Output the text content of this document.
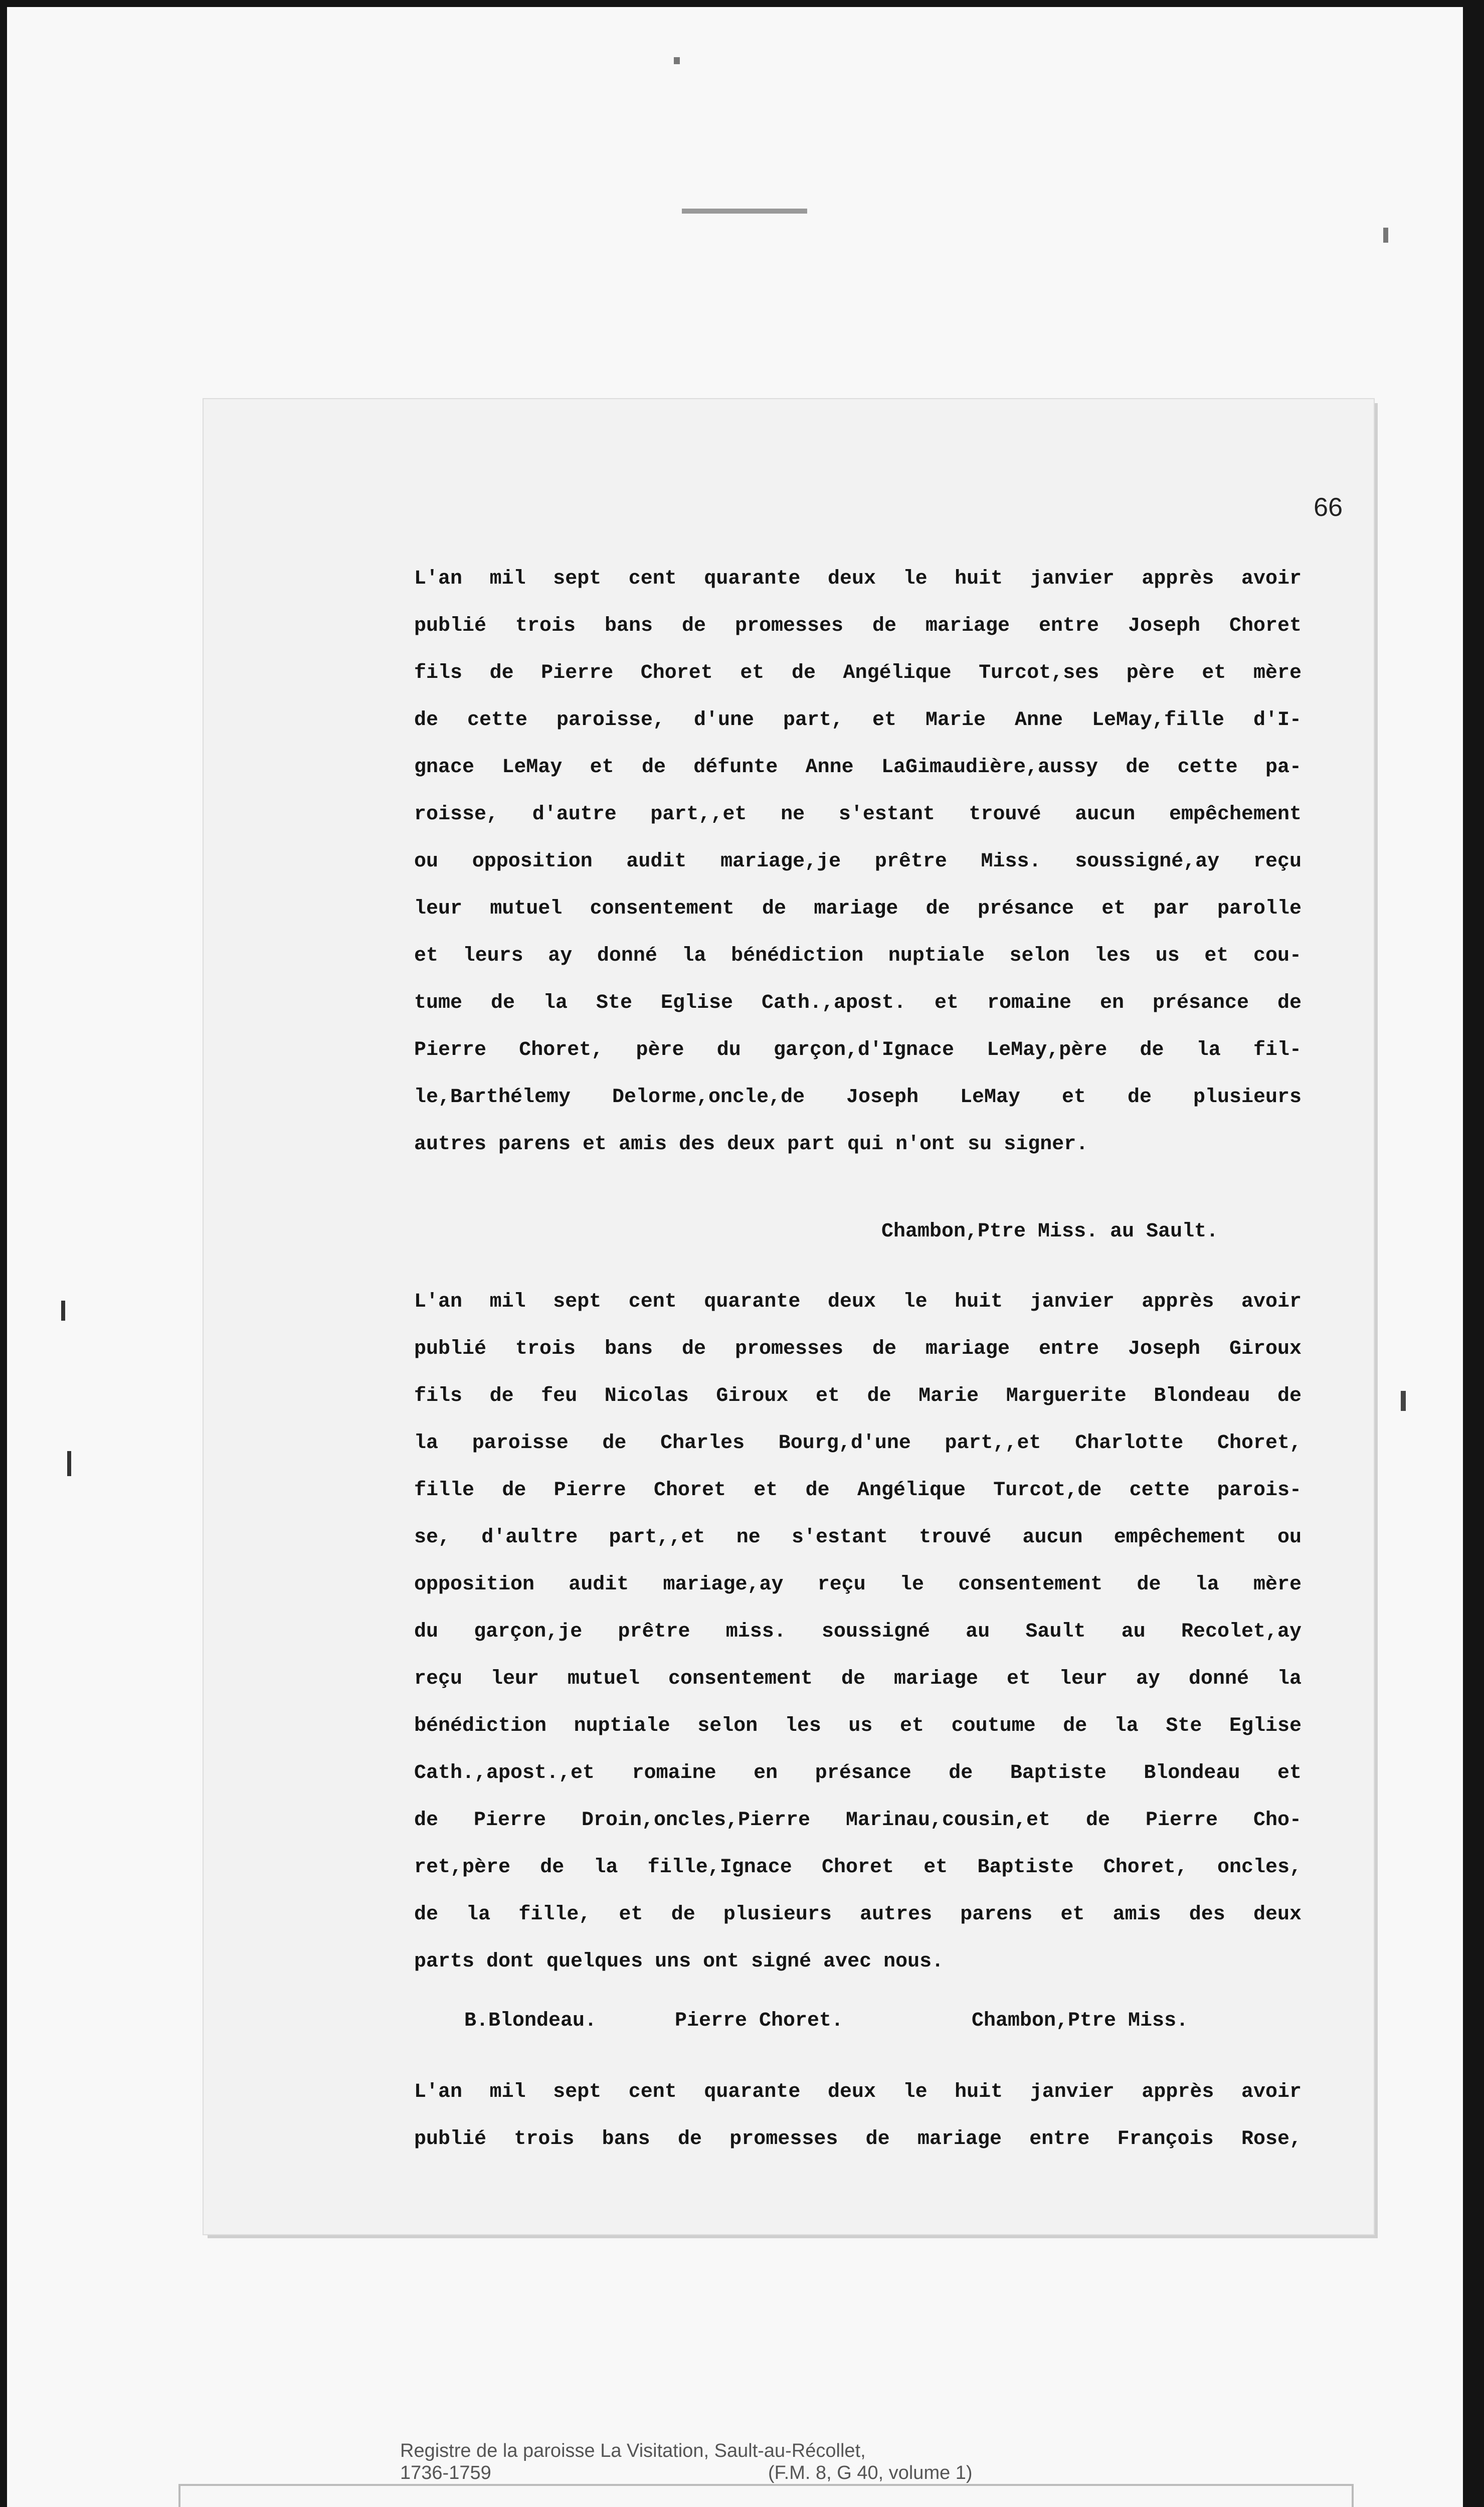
66
L'an mil sept cent quarante deux le huit janvier apprès avoir
publié trois bans de promesses de mariage entre Joseph Choret
fils de Pierre Choret et de Angélique Turcot,ses père et mère
de cette paroisse, d'une part, et Marie Anne LeMay,fille d'I-
gnace LeMay et de défunte Anne LaGimaudière,aussy de cette pa-
roisse, d'autre part,,et ne s'estant trouvé aucun empêchement
ou opposition audit mariage,je prêtre Miss. soussigné,ay reçu
leur mutuel consentement de mariage de présance et par parolle
et leurs ay donné la bénédiction nuptiale selon les us et cou-
tume de la Ste Eglise Cath.,apost. et romaine en présance de
Pierre Choret, père du garçon,d'Ignace LeMay,père de la fil-
le,Barthélemy Delorme,oncle,de Joseph LeMay et de plusieurs
autres parens et amis des deux part qui n'ont su signer.
Chambon,Ptre Miss. au Sault.
L'an mil sept cent quarante deux le huit janvier apprès avoir
publié trois bans de promesses de mariage entre Joseph Giroux
fils de feu Nicolas Giroux et de Marie Marguerite Blondeau de
la paroisse de Charles Bourg,d'une part,,et Charlotte Choret,
fille de Pierre Choret et de Angélique Turcot,de cette parois-
se, d'aultre part,,et ne s'estant trouvé aucun empêchement ou
opposition audit mariage,ay reçu le consentement de la mère
du garçon,je prêtre miss. soussigné au Sault au Recolet,ay
reçu leur mutuel consentement de mariage et leur ay donné la
bénédiction nuptiale selon les us et coutume de la Ste Eglise
Cath.,apost.,et romaine en présance de Baptiste Blondeau et
de Pierre Droin,oncles,Pierre Marinau,cousin,et de Pierre Cho-
ret,père de la fille,Ignace Choret et Baptiste Choret, oncles,
de la fille, et de plusieurs autres parens et amis des deux
parts dont quelques uns ont signé avec nous.
B.Blondeau.	Pierre Choret.	Chambon,Ptre Miss.
L'an mil sept cent quarante deux le huit janvier apprès avoir
publié trois bans de promesses de mariage entre François Rose,
Registre de la paroisse La Visitation, Sault-au-Récollet,
1736-1759	(F.M. 8, G 40, volume 1)
